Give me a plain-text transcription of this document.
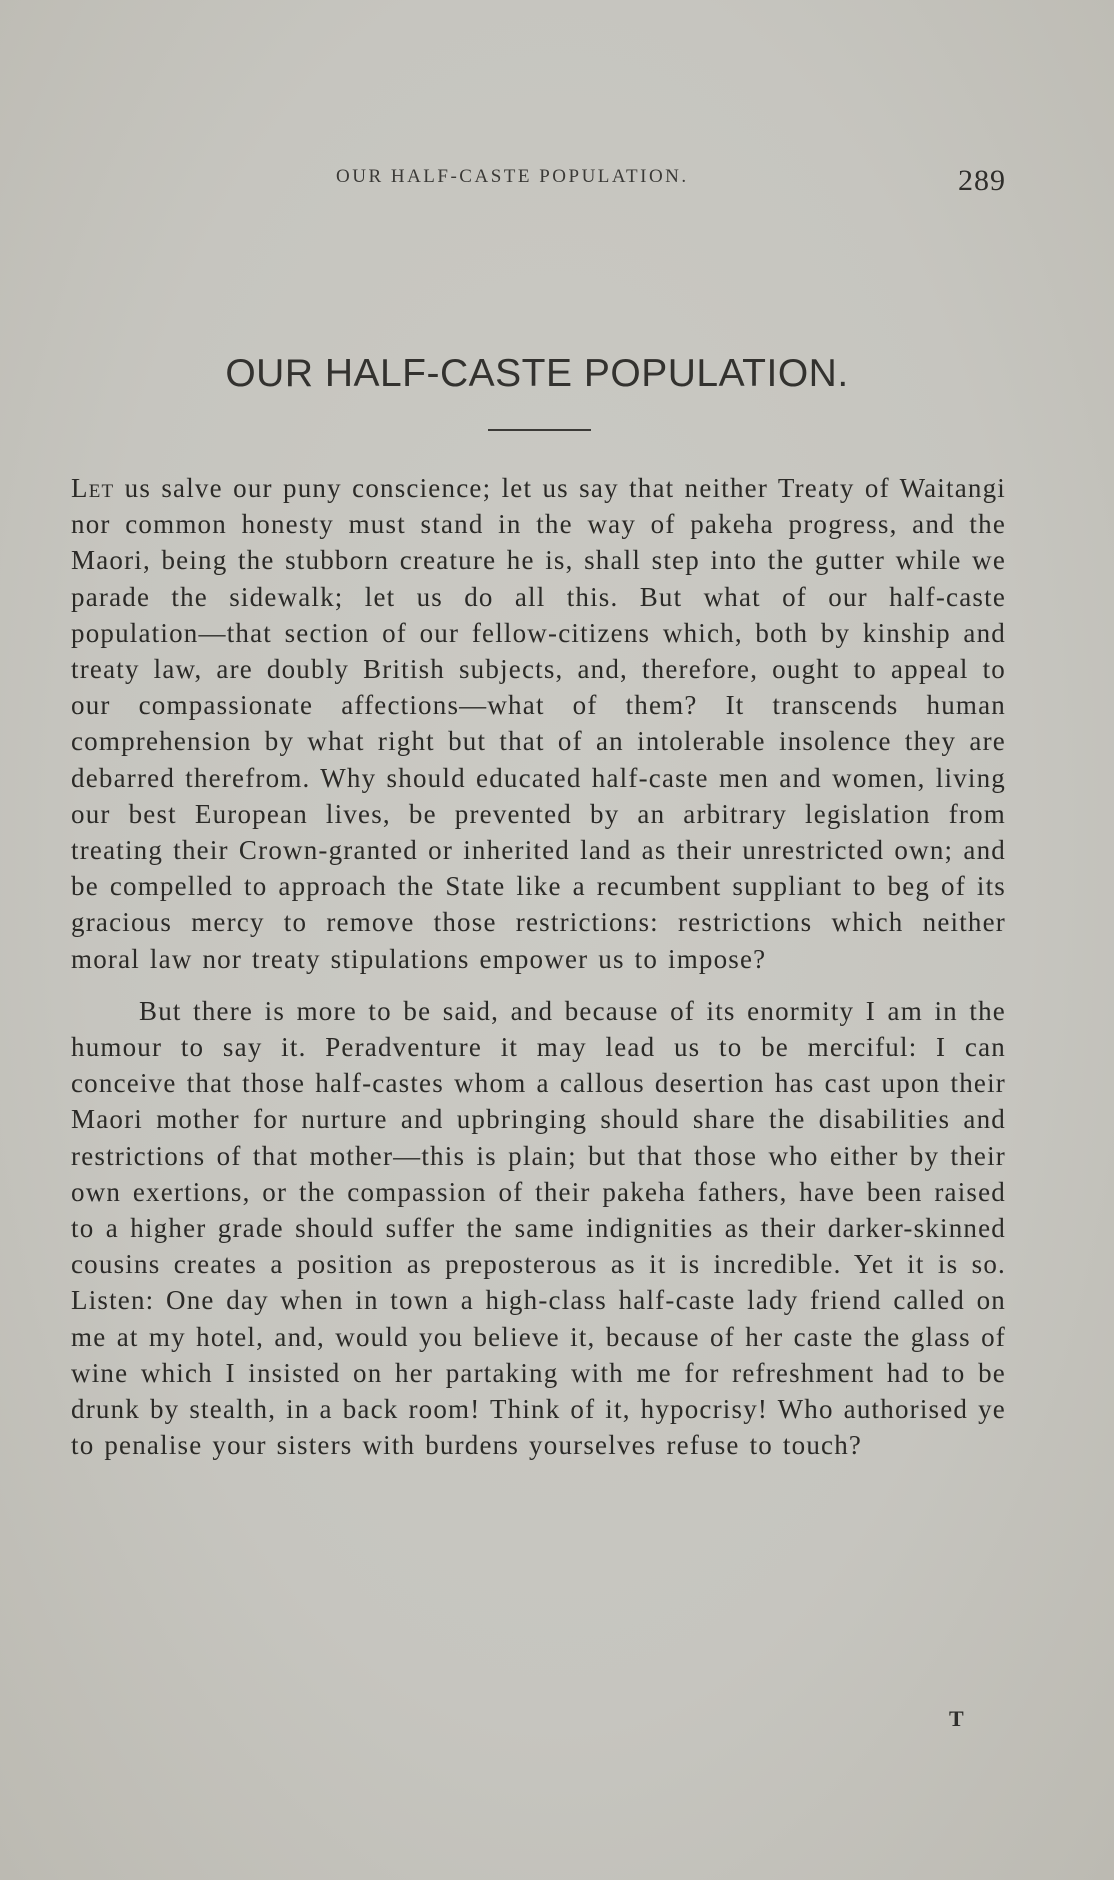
OUR HALF-CASTE POPULATION.	289
OUR HALF-CASTE POPULATION.

Let us salve our puny conscience; let us say that neither Treaty of Waitangi nor common honesty must stand in the way of pakeha progress, and the Maori, being the stubborn creature he is, shall step into the gutter while we parade the sidewalk; let us do all this. But what of our half-caste population—that section of our fellow-citizens which, both by kinship and treaty law, are doubly British subjects, and, therefore, ought to appeal to our compassionate affections—what of them? It transcends human comprehension by what right but that of an intolerable insolence they are debarred therefrom. Why should educated half-caste men and women, living our best European lives, be prevented by an arbitrary legislation from treating their Crown-granted or inherited land as their unrestricted own; and be compelled to approach the State like a recumbent suppliant to beg of its gracious mercy to remove those restrictions: restrictions which neither moral law nor treaty stipulations empower us to impose?

But there is more to be said, and because of its enormity I am in the humour to say it. Peradventure it may lead us to be merciful: I can conceive that those half-castes whom a callous desertion has cast upon their Maori mother for nurture and upbringing should share the disabilities and restrictions of that mother—this is plain; but that those who either by their own exertions, or the compassion of their pakeha fathers, have been raised to a higher grade should suffer the same indignities as their darker-skinned cousins creates a position as preposterous as it is incredible. Yet it is so. Listen: One day when in town a high-class half-caste lady friend called on me at my hotel, and, would you believe it, because of her caste the glass of wine which I insisted on her partaking with me for refreshment had to be drunk by stealth, in a back room! Think of it, hypocrisy! Who authorised ye to penalise your sisters with burdens yourselves refuse to touch?

T
